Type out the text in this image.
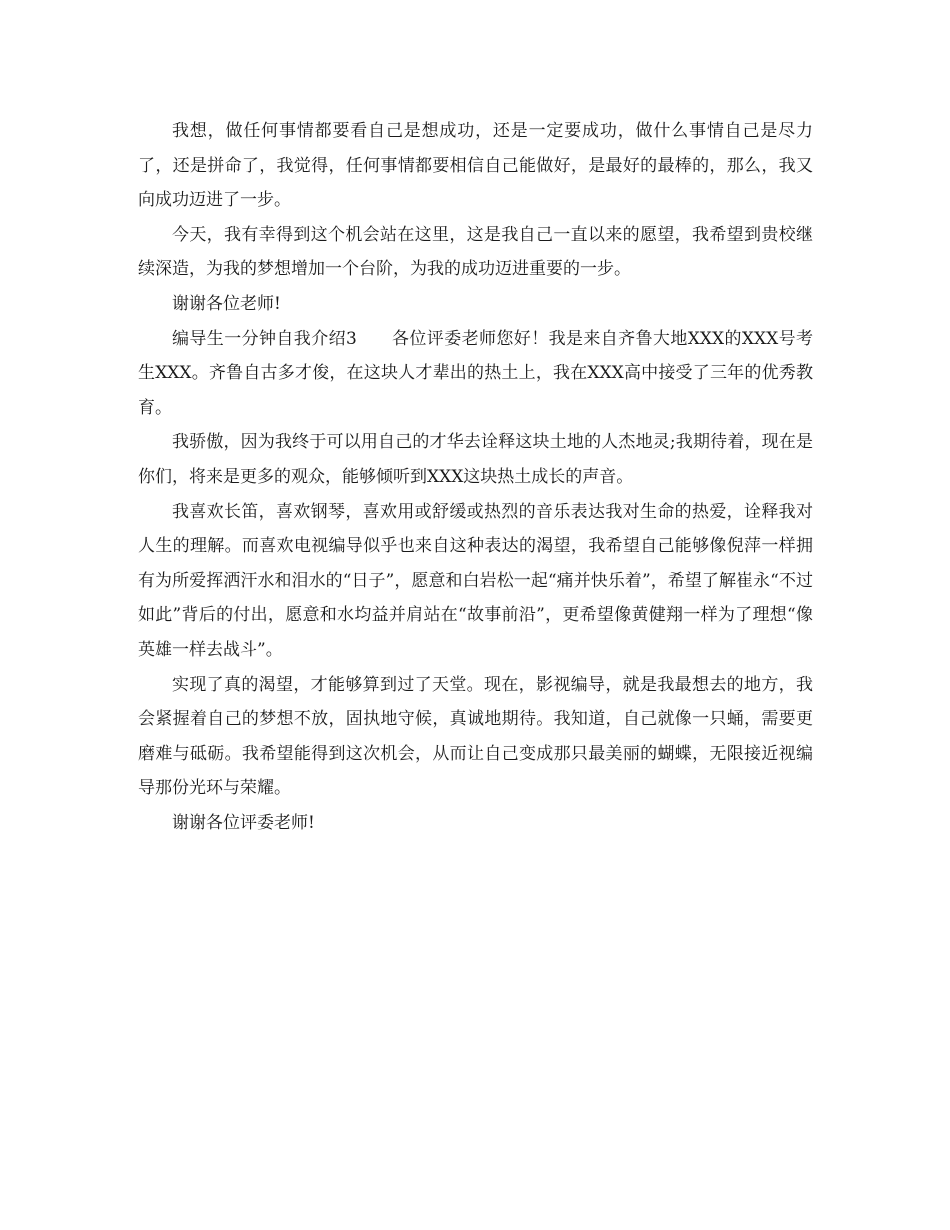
我想，做任何事情都要看自己是想成功，还是一定要成功，做什么事情自己是尽力了，还是拼命了，我觉得，任何事情都要相信自己能做好，是最好的最棒的，那么，我又向成功迈进了一步。

今天，我有幸得到这个机会站在这里，这是我自己一直以来的愿望，我希望到贵校继续深造，为我的梦想增加一个台阶，为我的成功迈进重要的一步。

谢谢各位老师!

编导生一分钟自我介绍3　　各位评委老师您好！我是来自齐鲁大地XXX的XXX号考生XXX。齐鲁自古多才俊，在这块人才辈出的热土上，我在XXX高中接受了三年的优秀教育。

我骄傲，因为我终于可以用自己的才华去诠释这块土地的人杰地灵;我期待着，现在是你们，将来是更多的观众，能够倾听到XXX这块热土成长的声音。

我喜欢长笛，喜欢钢琴，喜欢用或舒缓或热烈的音乐表达我对生命的热爱，诠释我对人生的理解。而喜欢电视编导似乎也来自这种表达的渴望，我希望自己能够像倪萍一样拥有为所爱挥洒汗水和泪水的“日子”，愿意和白岩松一起“痛并快乐着”，希望了解崔永“不过如此”背后的付出，愿意和水均益并肩站在“故事前沿”，更希望像黄健翔一样为了理想“像英雄一样去战斗”。

实现了真的渴望，才能够算到过了天堂。现在，影视编导，就是我最想去的地方，我会紧握着自己的梦想不放，固执地守候，真诚地期待。我知道，自己就像一只蛹，需要更磨难与砥砺。我希望能得到这次机会，从而让自己变成那只最美丽的蝴蝶，无限接近视编导那份光环与荣耀。

谢谢各位评委老师!
